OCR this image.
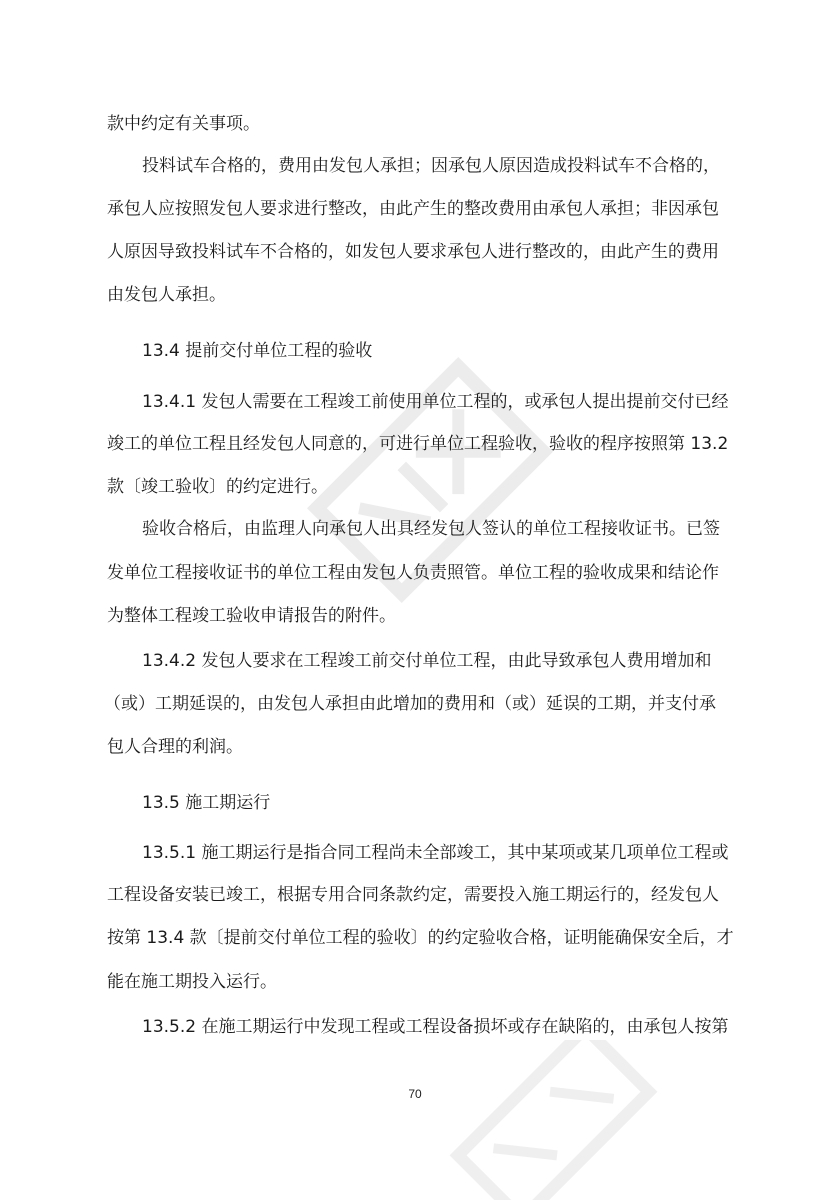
款中约定有关事项。

投料试车合格的，费用由发包人承担；因承包人原因造成投料试车不合格的，

承包人应按照发包人要求进行整改，由此产生的整改费用由承包人承担；非因承包

人原因导致投料试车不合格的，如发包人要求承包人进行整改的，由此产生的费用

由发包人承担。

13.4 提前交付单位工程的验收

13.4.1 发包人需要在工程竣工前使用单位工程的，或承包人提出提前交付已经

竣工的单位工程且经发包人同意的，可进行单位工程验收，验收的程序按照第 13.2

款〔竣工验收〕的约定进行。

验收合格后，由监理人向承包人出具经发包人签认的单位工程接收证书。已签

发单位工程接收证书的单位工程由发包人负责照管。单位工程的验收成果和结论作

为整体工程竣工验收申请报告的附件。

13.4.2 发包人要求在工程竣工前交付单位工程，由此导致承包人费用增加和

（或）工期延误的，由发包人承担由此增加的费用和（或）延误的工期，并支付承

包人合理的利润。

13.5 施工期运行

13.5.1 施工期运行是指合同工程尚未全部竣工，其中某项或某几项单位工程或

工程设备安装已竣工，根据专用合同条款约定，需要投入施工期运行的，经发包人

按第 13.4 款〔提前交付单位工程的验收〕的约定验收合格，证明能确保安全后，才

能在施工期投入运行。

13.5.2 在施工期运行中发现工程或工程设备损坏或存在缺陷的，由承包人按第

70
